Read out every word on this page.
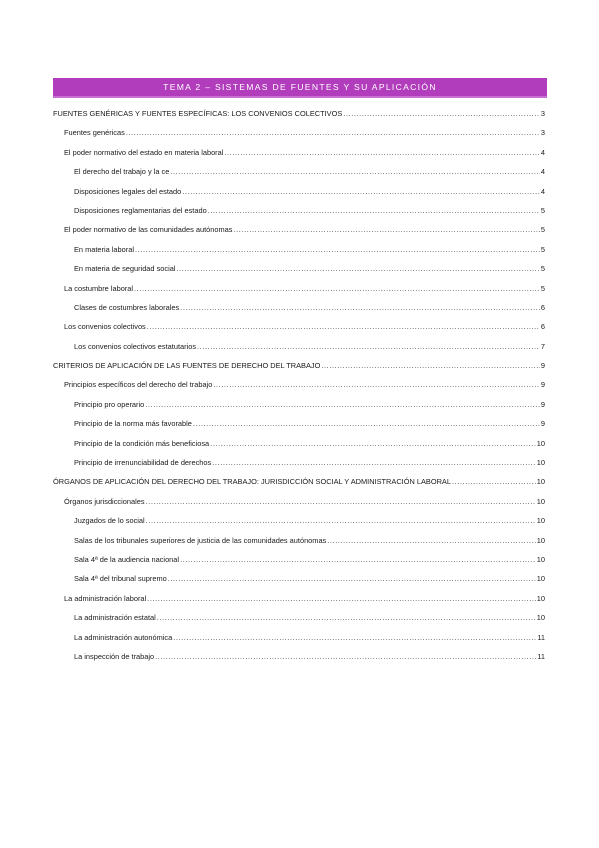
TEMA 2 – SISTEMAS DE FUENTES Y SU APLICACIÓN
FUENTES GENÉRICAS Y FUENTES ESPECÍFICAS: LOS CONVENIOS COLECTIVOS .....	3
Fuentes genéricas .....	3
El poder normativo del estado en materia laboral .....	4
El derecho del trabajo y la ce .....	4
Disposiciones legales del estado .....	4
Disposiciones reglamentarias del estado .....	5
El poder normativo de las comunidades autónomas .....	5
En materia laboral .....	5
En materia de seguridad social .....	5
La costumbre laboral .....	5
Clases de costumbres laborales .....	6
Los convenios colectivos .....	6
Los convenios colectivos estatutarios .....	7
CRITERIOS DE APLICACIÓN DE LAS FUENTES DE DERECHO DEL TRABAJO .....	9
Principios específicos del derecho del trabajo .....	9
Principio pro operario .....	9
Principio de la norma más favorable .....	9
Principio de la condición más beneficiosa .....	10
Principio de irrenunciabilidad de derechos .....	10
ÓRGANOS DE APLICACIÓN DEL DERECHO DEL TRABAJO: JURISDICCIÓN SOCIAL Y ADMINISTRACIÓN LABORAL .....	10
Órganos jurisdiccionales .....	10
Juzgados de lo social .....	10
Salas de los tribunales superiores de justicia de las comunidades autónomas .....	10
Sala 4ª de la audiencia nacional .....	10
Sala 4ª del tribunal supremo .....	10
La administración laboral .....	10
La administración estatal .....	10
La administración autonómica .....	11
La inspección de trabajo .....	11
